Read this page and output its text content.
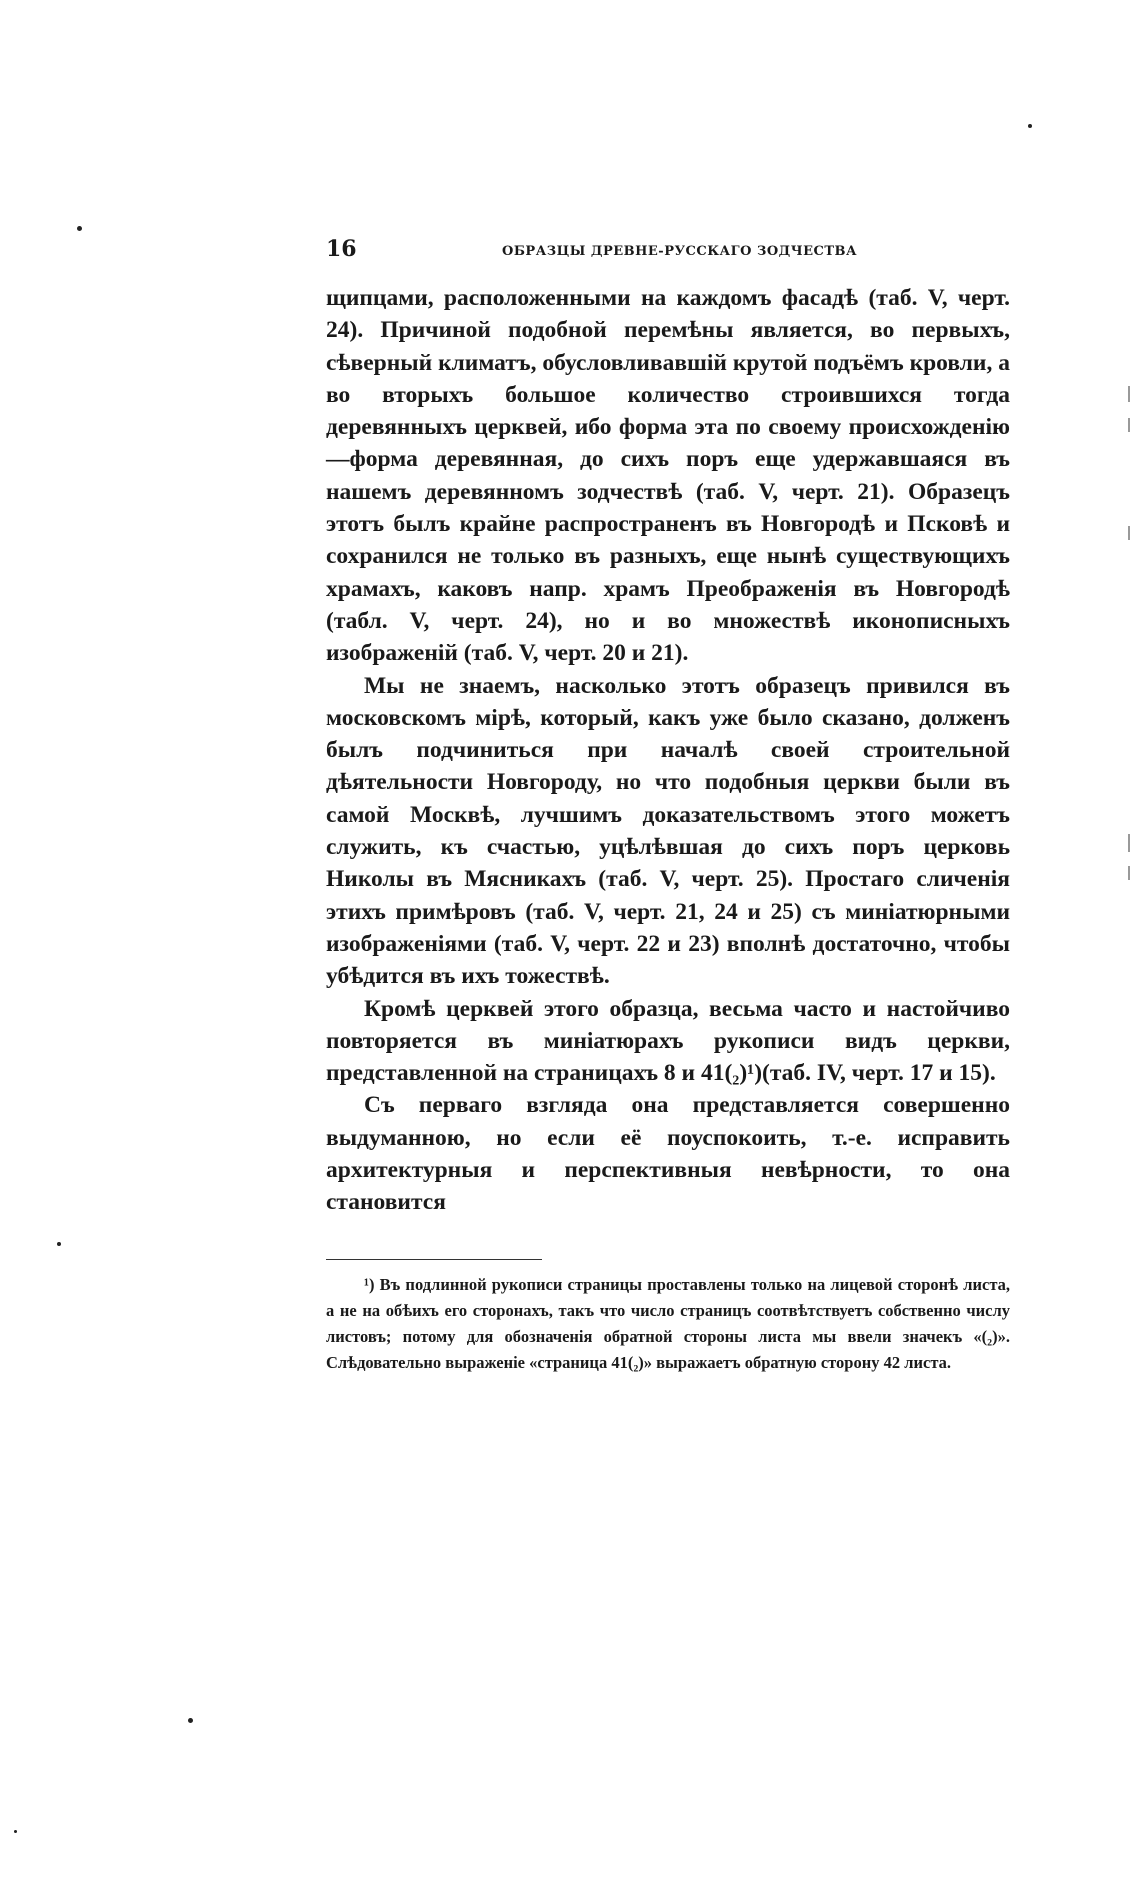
16	ОБРАЗЦЫ ДРЕВНЕ-РУССКАГО ЗОДЧЕСТВА

щипцами, расположенными на каждомъ фасадѣ (таб. V, черт. 24). Причиной подобной перемѣны является, во первыхъ, сѣверный климатъ, обусловливавшій крутой подъёмъ кровли, а во вторыхъ большое количество строившихся тогда деревянныхъ церквей, ибо форма эта по своему происхожденію—форма деревянная, до сихъ поръ еще удержавшаяся въ нашемъ деревянномъ зодчествѣ (таб. V, черт. 21). Образецъ этотъ былъ крайне распространенъ въ Новгородѣ и Псковѣ и сохранился не только въ разныхъ, еще нынѣ существующихъ храмахъ, каковъ напр. храмъ Преображенія въ Новгородѣ (табл. V, черт. 24), но и во множествѣ иконописныхъ изображеній (таб. V, черт. 20 и 21).

Мы не знаемъ, насколько этотъ образецъ привился въ московскомъ мірѣ, который, какъ уже было сказано, долженъ былъ подчиниться при началѣ своей строительной дѣятельности Новгороду, но что подобныя церкви были въ самой Москвѣ, лучшимъ доказательствомъ этого можетъ служить, къ счастью, уцѣлѣвшая до сихъ поръ церковь Николы въ Мясникахъ (таб. V, черт. 25). Простаго сличенія этихъ примѣровъ (таб. V, черт. 21, 24 и 25) съ миніатюрными изображеніями (таб. V, черт. 22 и 23) вполнѣ достаточно, чтобы убѣдится въ ихъ тожествѣ.

Кромѣ церквей этого образца, весьма часто и настойчиво повторяется въ миніатюрахъ рукописи видъ церкви, представленной на страницахъ 8 и 41(₂)¹)(таб. IV, черт. 17 и 15).

Съ перваго взгляда она представляется совершенно выдуманною, но если её поуспокоить, т.-е. исправить архитектурныя и перспективныя невѣрности, то она становится

¹) Въ подлинной рукописи страницы проставлены только на лицевой сторонѣ листа, а не на обѣихъ его сторонахъ, такъ что число страницъ соотвѣтствуетъ собственно числу листовъ; потому для обозначенія обратной стороны листа мы ввели значекъ «(₂)». Слѣдовательно выраженіе «страница 41(₂)» выражаетъ обратную сторону 42 листа.
